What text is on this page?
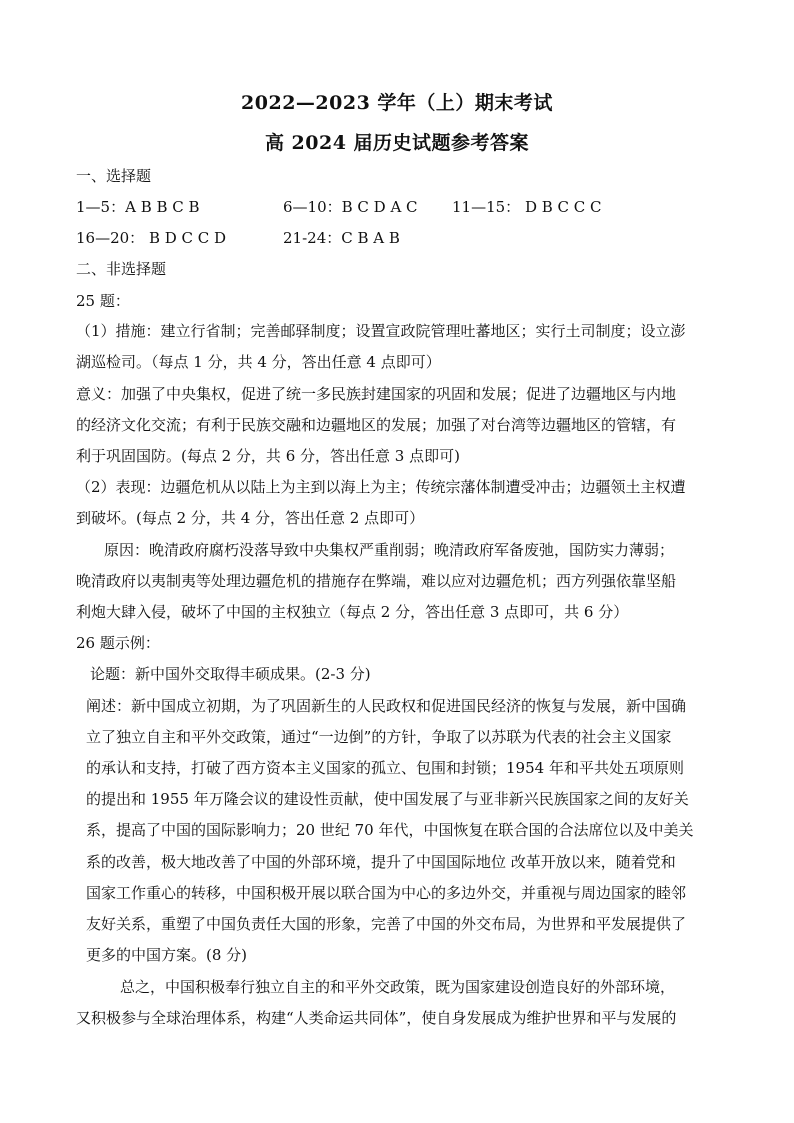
2022—2023 学年（上）期末考试
高 2024 届历史试题参考答案
一、选择题
1—5：A B B C B	6—10：B C D A C 11—15： D B C C C
16—20： B D C C D	21-24：C B A B
二、非选择题
25 题：
（1）措施：建立行省制；完善邮驿制度；设置宣政院管理吐蕃地区；实行土司制度；设立澎
湖巡检司。（每点 1 分，共 4 分，答出任意 4 点即可）
意义：加强了中央集权，促进了统一多民族封建国家的巩固和发展；促进了边疆地区与内地
的经济文化交流；有利于民族交融和边疆地区的发展；加强了对台湾等边疆地区的管辖，有
利于巩固国防。(每点 2 分，共 6 分，答出任意 3 点即可)
（2）表现：边疆危机从以陆上为主到以海上为主；传统宗藩体制遭受冲击；边疆领土主权遭
到破坏。(每点 2 分，共 4 分，答出任意 2 点即可）
原因：晚清政府腐朽没落导致中央集权严重削弱；晚清政府军备废弛，国防实力薄弱；
晚清政府以夷制夷等处理边疆危机的措施存在弊端，难以应对边疆危机；西方列强依靠坚船
利炮大肆入侵，破坏了中国的主权独立（每点 2 分，答出任意 3 点即可，共 6 分）
26 题示例：
论题：新中国外交取得丰硕成果。(2-3 分)
阐述：新中国成立初期，为了巩固新生的人民政权和促进国民经济的恢复与发展，新中国确
立了独立自主和平外交政策，通过“一边倒”的方针，争取了以苏联为代表的社会主义国家
的承认和支持，打破了西方资本主义国家的孤立、包围和封锁；1954 年和平共处五项原则
的提出和 1955 年万隆会议的建设性贡献，使中国发展了与亚非新兴民族国家之间的友好关
系，提高了中国的国际影响力；20 世纪 70 年代，中国恢复在联合国的合法席位以及中美关
系的改善，极大地改善了中国的外部环境，提升了中国国际地位 改革开放以来，随着党和
国家工作重心的转移，中国积极开展以联合国为中心的多边外交，并重视与周边国家的睦邻
友好关系，重塑了中国负责任大国的形象，完善了中国的外交布局，为世界和平发展提供了
更多的中国方案。(8 分)
总之，中国积极奉行独立自主的和平外交政策，既为国家建设创造良好的外部环境，
又积极参与全球治理体系，构建“人类命运共同体”，使自身发展成为维护世界和平与发展的
